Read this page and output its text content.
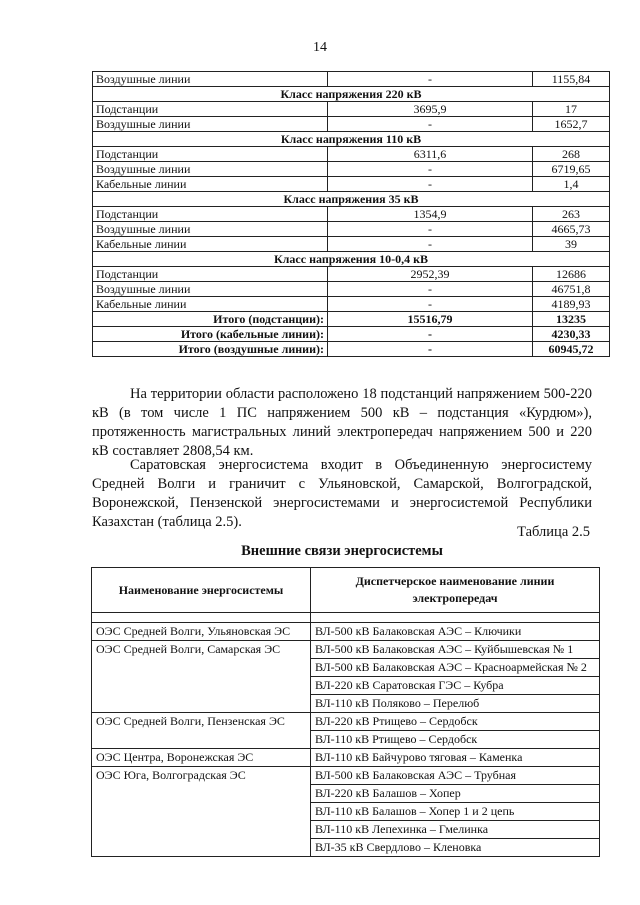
14
Воздушные линии	-	1155,84
Класс напряжения 220 кВ		
Подстанции	3695,9	17
Воздушные линии	-	1652,7
Класс напряжения 110 кВ		
Подстанции	6311,6	268
Воздушные линии	-	6719,65
Кабельные линии	-	1,4
Класс напряжения 35 кВ		
Подстанции	1354,9	263
Воздушные линии	-	4665,73
Кабельные линии	-	39
Класс напряжения 10-0,4 кВ		
Подстанции	2952,39	12686
Воздушные линии	-	46751,8
Кабельные линии	-	4189,93
Итого (подстанции):	15516,79	13235
Итого (кабельные линии):	-	4230,33
Итого (воздушные линии):	-	60945,72

На территории области расположено 18 подстанций напряжением 500-220 кВ (в том числе 1 ПС напряжением 500 кВ – подстанция «Курдюм»), протяженность магистральных линий электропередач напряжением 500 и 220 кВ составляет 2808,54 км.

Саратовская энергосистема входит в Объединенную энергосистему Средней Волги и граничит с Ульяновской, Самарской, Волгоградской, Воронежской, Пензенской энергосистемами и энергосистемой Республики Казахстан (таблица 2.5).

Таблица 2.5
Внешние связи энергосистемы
Наименование энергосистемы	Диспетчерское наименование линии электропередач

ОЭС Средней Волги, Ульяновская ЭС	ВЛ-500 кВ Балаковская АЭС – Ключики
ОЭС Средней Волги, Самарская ЭС	ВЛ-500 кВ Балаковская АЭС – Куйбышевская № 1
	ВЛ-500 кВ Балаковская АЭС – Красноармейская № 2
	ВЛ-220 кВ Саратовская ГЭС – Кубра
	ВЛ-110 кВ Поляково – Перелюб
ОЭС Средней Волги, Пензенская ЭС	ВЛ-220 кВ Ртищево – Сердобск
	ВЛ-110 кВ Ртищево – Сердобск
ОЭС Центра, Воронежская ЭС	ВЛ-110 кВ Байчурово тяговая – Каменка
ОЭС Юга, Волгоградская ЭС	ВЛ-500 кВ Балаковская АЭС – Трубная
	ВЛ-220 кВ Балашов – Хопер
	ВЛ-110 кВ Балашов – Хопер 1 и 2 цепь
	ВЛ-110 кВ Лепехинка – Гмелинка
	ВЛ-35 кВ Свердлово – Кленовка
